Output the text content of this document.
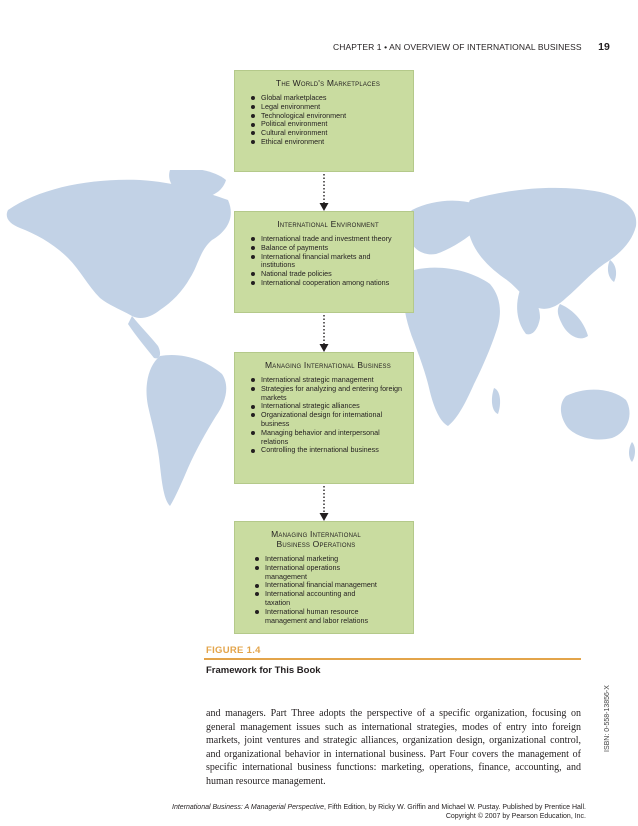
CHAPTER 1 • AN OVERVIEW OF INTERNATIONAL BUSINESS 19
The World's Marketplaces
Global marketplaces
Legal environment
Technological environment
Political environment
Cultural environment
Ethical environment
International Environment
International trade and investment theory
Balance of payments
International financial markets and institutions
National trade policies
International cooperation among nations
Managing International Business
International strategic management
Strategies for analyzing and entering foreign markets
International strategic alliances
Organizational design for international business
Managing behavior and interpersonal relations
Controlling the international business
Managing International Business Operations
International marketing
International operations management
International financial management
International accounting and taxation
International human resource management and labor relations
FIGURE 1.4
Framework for This Book
and managers. Part Three adopts the perspective of a specific organization, focusing on general management issues such as international strategies, modes of entry into foreign markets, joint ventures and strategic alliances, organization design, organizational control, and organizational behavior in international business. Part Four covers the management of specific international business functions: marketing, operations, finance, accounting, and human resource management.
ISBN: 0-558-13856-X
International Business: A Managerial Perspective, Fifth Edition, by Ricky W. Griffin and Michael W. Pustay. Published by Prentice Hall.
Copyright © 2007 by Pearson Education, Inc.
